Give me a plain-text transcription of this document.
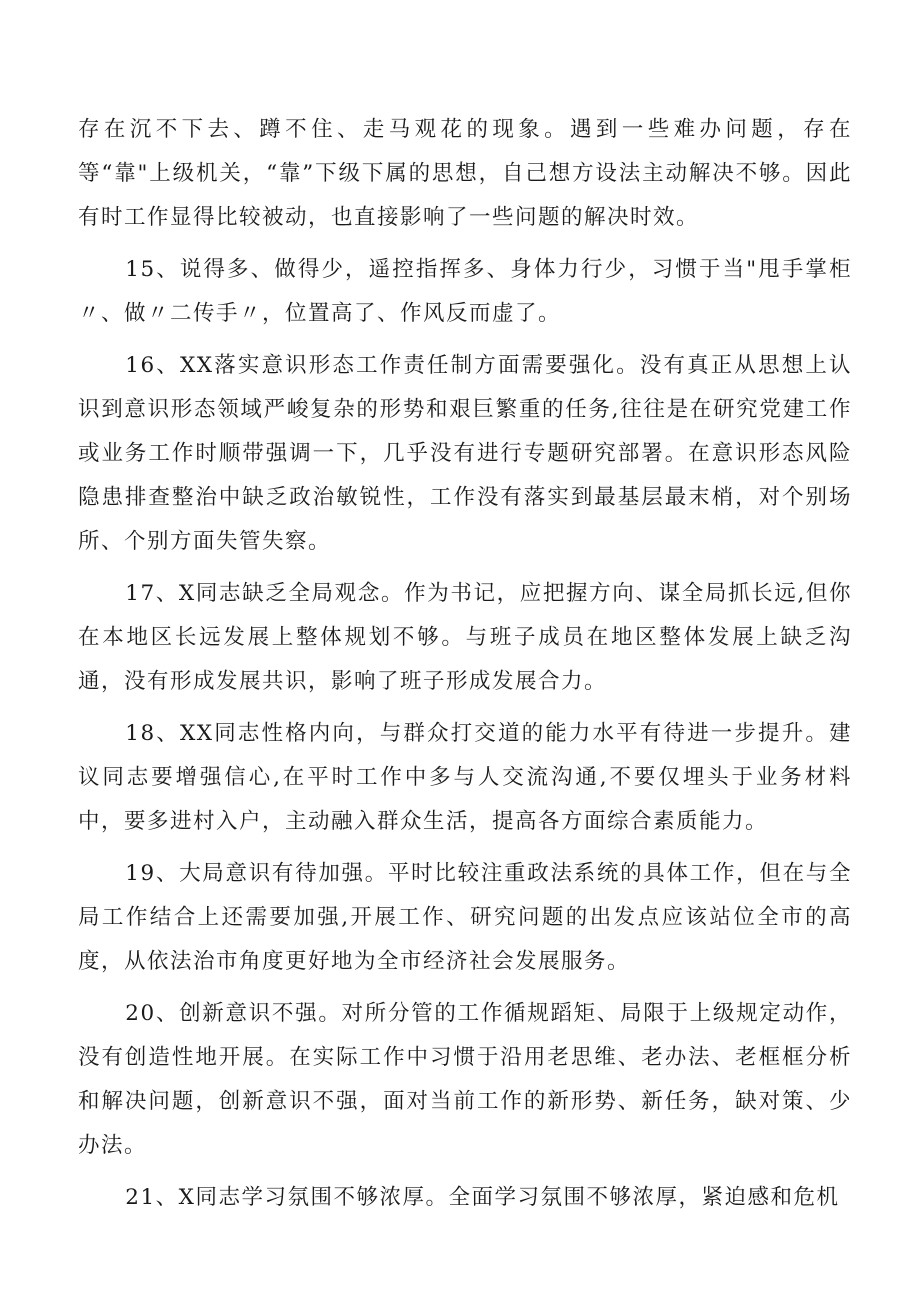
存在沉不下去、蹲不住、走马观花的现象。遇到一些难办问题，存在等“靠"上级机关，“靠”下级下属的思想，自己想方设法主动解决不够。因此有时工作显得比较被动，也直接影响了一些问题的解决时效。

15、说得多、做得少，遥控指挥多、身体力行少，习惯于当"甩手掌柜〃、做〃二传手〃，位置高了、作风反而虚了。

16、XX落实意识形态工作责任制方面需要强化。没有真正从思想上认识到意识形态领域严峻复杂的形势和艰巨繁重的任务,往往是在研究党建工作或业务工作时顺带强调一下，几乎没有进行专题研究部署。在意识形态风险隐患排查整治中缺乏政治敏锐性，工作没有落实到最基层最末梢，对个别场所、个别方面失管失察。

17、X同志缺乏全局观念。作为书记，应把握方向、谋全局抓长远,但你在本地区长远发展上整体规划不够。与班子成员在地区整体发展上缺乏沟通，没有形成发展共识，影响了班子形成发展合力。

18、XX同志性格内向，与群众打交道的能力水平有待进一步提升。建议同志要增强信心,在平时工作中多与人交流沟通,不要仅埋头于业务材料中，要多进村入户，主动融入群众生活，提高各方面综合素质能力。

19、大局意识有待加强。平时比较注重政法系统的具体工作，但在与全局工作结合上还需要加强,开展工作、研究问题的出发点应该站位全市的高度，从依法治市角度更好地为全市经济社会发展服务。

20、创新意识不强。对所分管的工作循规蹈矩、局限于上级规定动作，没有创造性地开展。在实际工作中习惯于沿用老思维、老办法、老框框分析和解决问题，创新意识不强，面对当前工作的新形势、新任务，缺对策、少办法。

21、X同志学习氛围不够浓厚。全面学习氛围不够浓厚，紧迫感和危机
